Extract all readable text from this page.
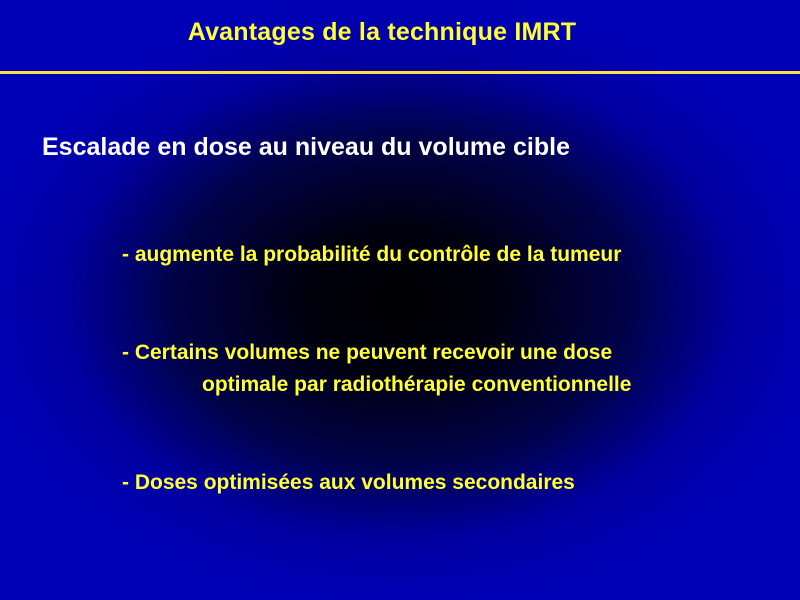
Avantages de la technique IMRT
Escalade en dose au niveau du volume cible
- augmente la probabilité du contrôle de la tumeur
- Certains volumes ne peuvent recevoir une dose
optimale par radiothérapie conventionnelle
- Doses optimisées aux volumes secondaires
